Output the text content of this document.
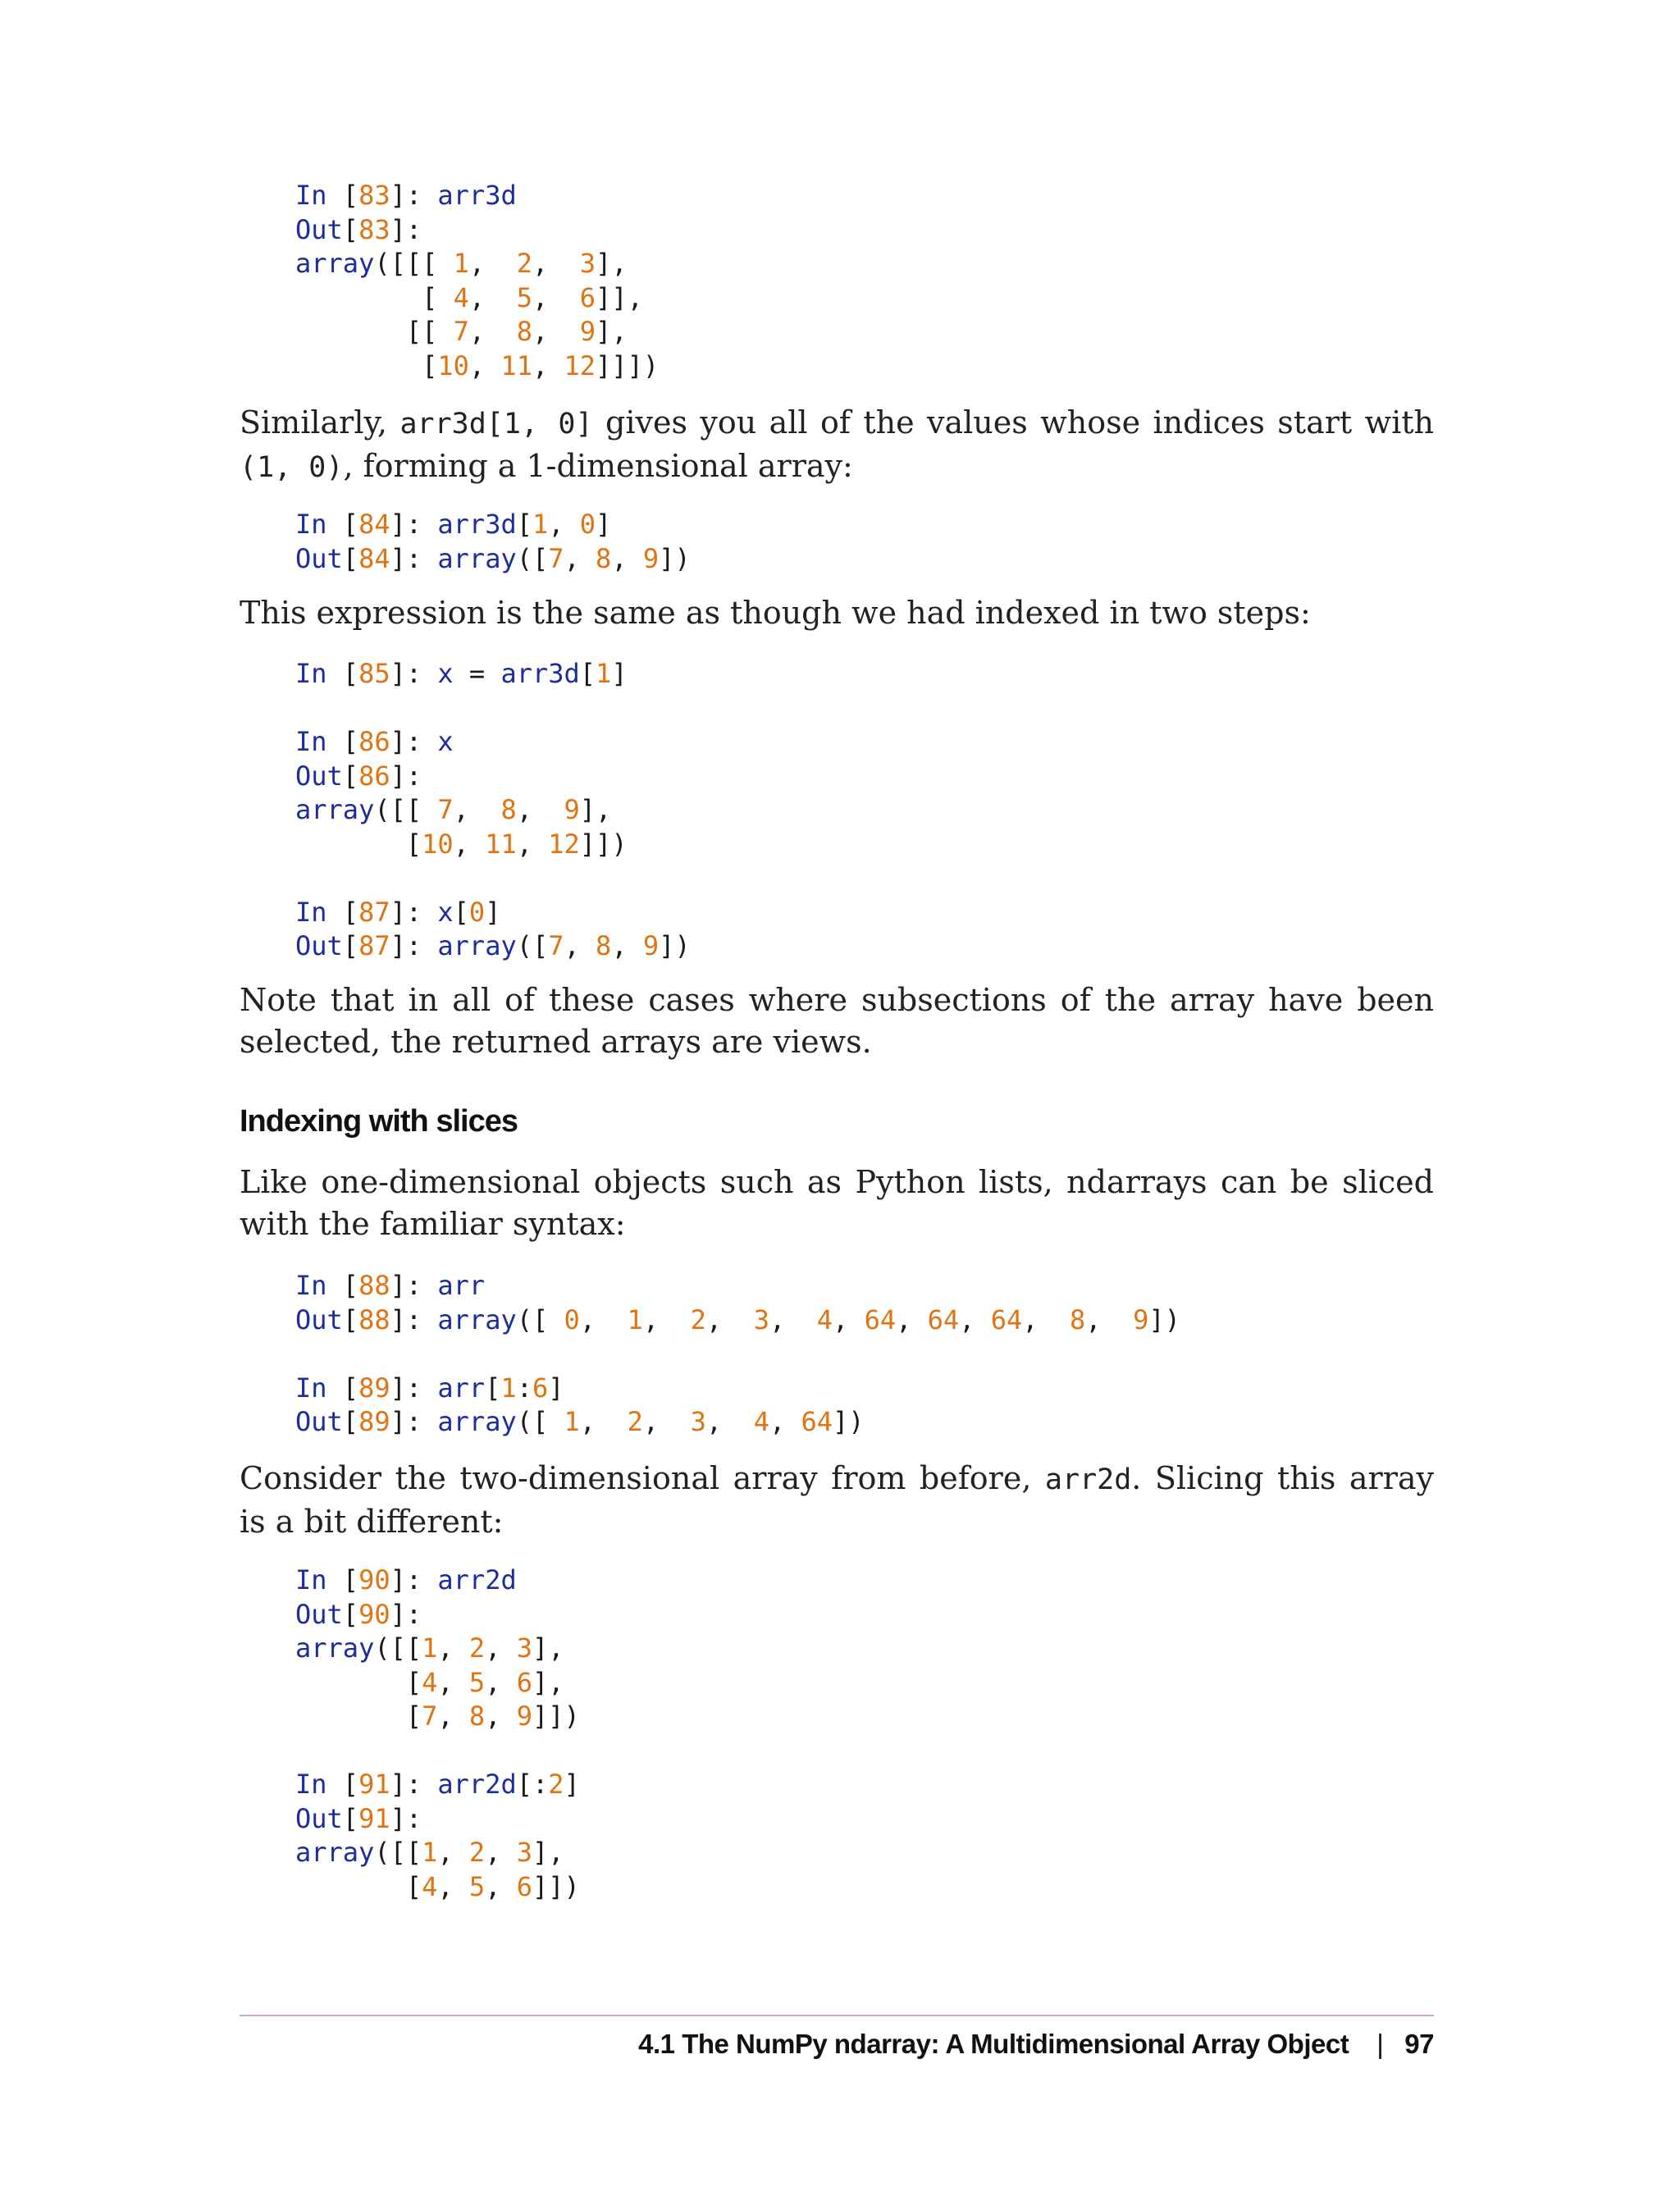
In [83]: arr3d
Out[83]:
array([[[ 1, 2, 3],
[ 4, 5, 6]],
[[ 7, 8, 9],
[10, 11, 12]]])

Similarly, arr3d[1, 0] gives you all of the values whose indices start with (1, 0), forming a 1-dimensional array:

In [84]: arr3d[1, 0]
Out[84]: array([7, 8, 9])

This expression is the same as though we had indexed in two steps:

In [85]: x = arr3d[1]

In [86]: x
Out[86]:
array([[ 7, 8, 9],
[10, 11, 12]])

In [87]: x[0]
Out[87]: array([7, 8, 9])

Note that in all of these cases where subsections of the array have been selected, the returned arrays are views.

Indexing with slices

Like one-dimensional objects such as Python lists, ndarrays can be sliced with the familiar syntax:

In [88]: arr
Out[88]: array([ 0, 1, 2, 3, 4, 64, 64, 64, 8, 9])

In [89]: arr[1:6]
Out[89]: array([ 1, 2, 3, 4, 64])

Consider the two-dimensional array from before, arr2d. Slicing this array is a bit different:

In [90]: arr2d
Out[90]:
array([[1, 2, 3],
[4, 5, 6],
[7, 8, 9]])

In [91]: arr2d[:2]
Out[91]:
array([[1, 2, 3],
[4, 5, 6]])
4.1 The NumPy ndarray: A Multidimensional Array Object | 97
